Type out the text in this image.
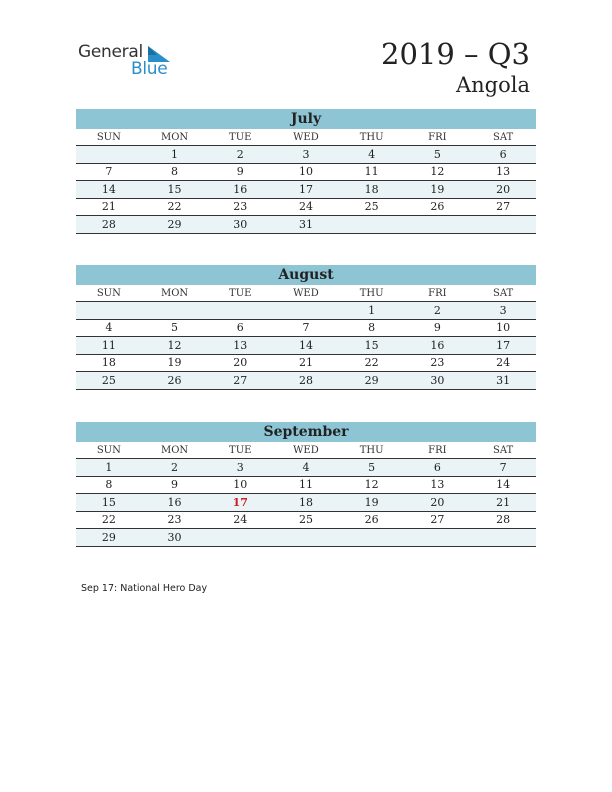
General
Blue	2019 – Q3
Angola
July
SUN	MON	TUE	WED	THU	FRI	SAT
	1	2	3	4	5	6
7	8	9	10	11	12	13
14	15	16	17	18	19	20
21	22	23	24	25	26	27
28	29	30	31			
August
SUN	MON	TUE	WED	THU	FRI	SAT
				1	2	3
4	5	6	7	8	9	10
11	12	13	14	15	16	17
18	19	20	21	22	23	24
25	26	27	28	29	30	31
September
SUN	MON	TUE	WED	THU	FRI	SAT
1	2	3	4	5	6	7
8	9	10	11	12	13	14
15	16	17	18	19	20	21
22	23	24	25	26	27	28
29	30					
Sep 17: National Hero Day
